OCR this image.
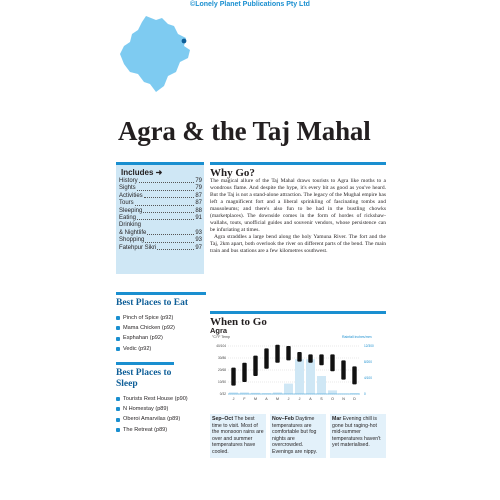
©Lonely Planet Publications Pty Ltd
Agra & the Taj Mahal
Includes ➜
History	79
Sights	79
Activities	87
Tours	87
Sleeping	88
Eating	91
Drinking
& Nightlife	93
Shopping	93
Fatehpur Sikri	97
Best Places to Eat
Pinch of Spice (p92)
Mama Chicken (p92)
Esphahan (p92)
Vedic (p92)
Best Places to Sleep
Tourists Rest House (p90)
N Homestay (p89)
Oberoi Amarvilas (p89)
The Retreat (p89)
Why Go?

The magical allure of the Taj Mahal draws tourists to Agra like moths to a wondrous flame. And despite the hype, it's every bit as good as you've heard. But the Taj is not a stand-alone attraction. The legacy of the Mughal empire has left a magnificent fort and a liberal sprinkling of fascinating tombs and mausoleums; and there's also fun to be had in the bustling chowks (marketplaces). The downside comes in the form of hordes of rickshaw-wallahs, touts, unofficial guides and souvenir vendors, whose persistence can be infuriating at times.

Agra straddles a large bend along the holy Yamuna River. The fort and the Taj, 2km apart, both overlook the river on different parts of the bend. The main train and bus stations are a few kilometres southwest.

When to Go
Agra
°C/°F Temp	Rainfall inches/mm
40/104
30/86
20/68
10/50
0/32
12/300
8/200
4/100
0
J	F M A M J	J A S O N D
Sep–Oct The best time to visit. Most of the monsoon rains are over and summer temperatures have cooled.
Nov–Feb Daytime temperatures are comfortable but fog nights are overcrowded. Evenings are nippy.
Mar Evening chill is gone but raging-hot mid-summer temperatures haven't yet materialised.
